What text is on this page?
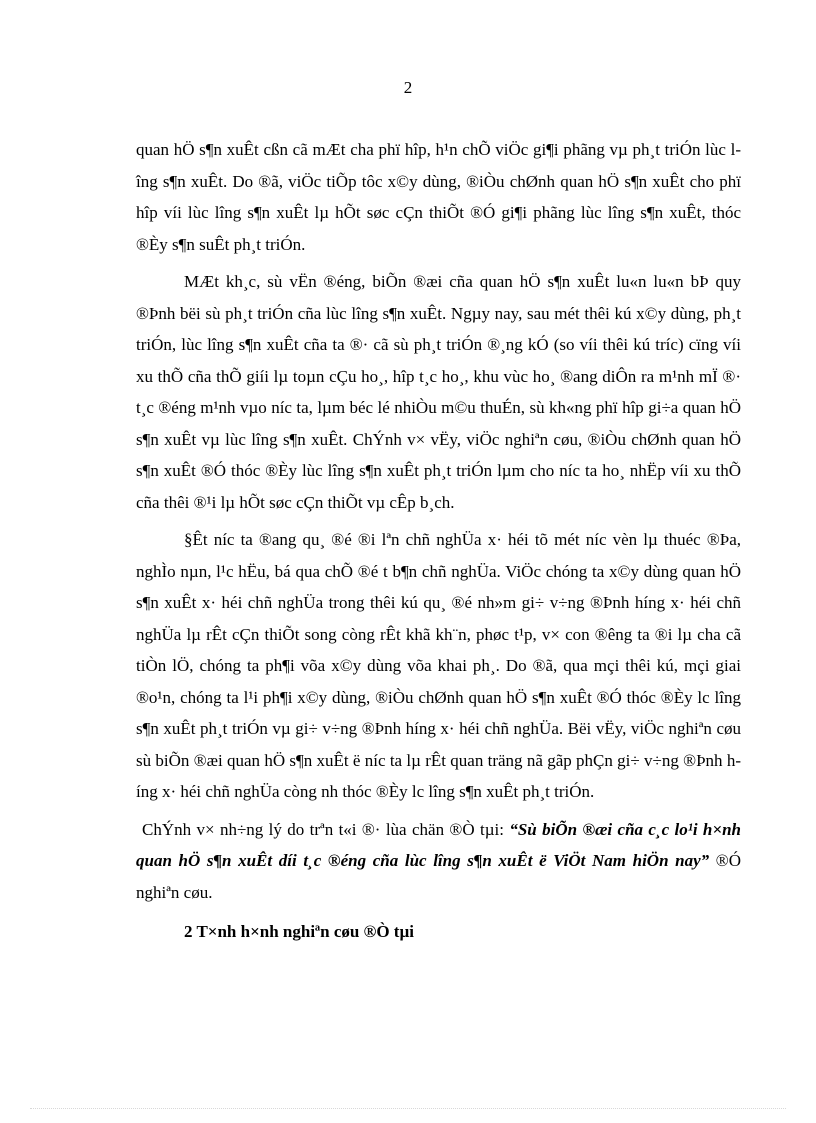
2

quan hÖ s¶n xuÊt cßn cã mÆt cha phï hîp, h¹n chÕ viÖc gi¶i phãng vµ ph¸t triÓn lùc lîng s¶n xuÊt. Do ®ã, viÖc tiÕp tôc x©y dùng, ®iÒu chØnh quan hÖ s¶n xuÊt cho phï hîp víi lùc lîng s¶n xuÊt lµ hÕt søc cÇn thiÕt ®Ó gi¶i phãng lùc lîng s¶n xuÊt, thóc ®Èy s¶n suÊt ph¸t triÓn.

MÆt kh¸c, sù vËn ®éng, biÕn ®æi cña quan hÖ s¶n xuÊt lu«n lu«n bÞ quy ®Þnh bëi sù ph¸t triÓn cña lùc lîng s¶n xuÊt. Ngµy nay, sau mét thêi kú x©y dùng, ph¸t triÓn, lùc lîng s¶n xuÊt cña ta ®· cã sù ph¸t triÓn ®¸ng kÓ (so víi thêi kú tríc) cïng víi xu thÕ cña thÕ giíi lµ toµn cÇu ho¸, hîp t¸c ho¸, khu vùc ho¸ ®ang diÔn ra m¹nh mÏ ®· t¸c ®éng m¹nh vµo níc ta, lµm béc lé nhiÒu m©u thuÉn, sù kh«ng phï hîp gi÷a quan hÖ s¶n xuÊt vµ lùc lîng s¶n xuÊt. ChÝnh v× vËy, viÖc nghiªn cøu, ®iÒu chØnh quan hÖ s¶n xuÊt ®Ó thóc ®Èy lùc lîng s¶n xuÊt ph¸t triÓn lµm cho níc ta ho¸ nhËp víi xu thÕ cña thêi ®¹i lµ hÕt søc cÇn thiÕt vµ cÊp b¸ch.

§Êt níc ta ®ang qu¸ ®é ®i lªn chñ nghÜa x· héi tõ mét níc vèn lµ thuéc ®Þa, nghÌo nµn, l¹c hËu, bá qua chÕ ®é t b¶n chñ nghÜa. ViÖc chóng ta x©y dùng quan hÖ s¶n xuÊt x· héi chñ nghÜa trong thêi kú qu¸ ®é nh»m gi÷ v÷ng ®Þnh híng x· héi chñ nghÜa lµ rÊt cÇn thiÕt song còng rÊt khã kh¨n, phøc t¹p, v× con ®êng ta ®i lµ cha cã tiÒn lÖ, chóng ta ph¶i võa x©y dùng võa khai ph¸. Do ®ã, qua mçi thêi kú, mçi giai ®o¹n, chóng ta l¹i ph¶i x©y dùng, ®iÒu chØnh quan hÖ s¶n xuÊt ®Ó thóc ®Èy lc lîng s¶n xuÊt ph¸t triÓn vµ gi÷ v÷ng ®Þnh híng x· héi chñ nghÜa. Bëi vËy, viÖc nghiªn cøu sù biÕn ®æi quan hÖ s¶n xuÊt ë níc ta lµ rÊt quan träng nã gãp phÇn gi÷ v÷ng ®Þnh híng x· héi chñ nghÜa còng nh thóc ®Èy lc lîng s¶n xuÊt ph¸t triÓn.

ChÝnh v× nh÷ng lý do trªn t«i ®· lùa chän ®Ò tµi: “Sù biÕn ®æi cña c¸c lo¹i h×nh quan hÖ s¶n xuÊt díi t¸c ®éng cña lùc lîng s¶n xuÊt ë ViÖt Nam hiÖn nay” ®Ó nghiªn cøu.

2 T×nh h×nh nghiªn cøu ®Ò tµi
